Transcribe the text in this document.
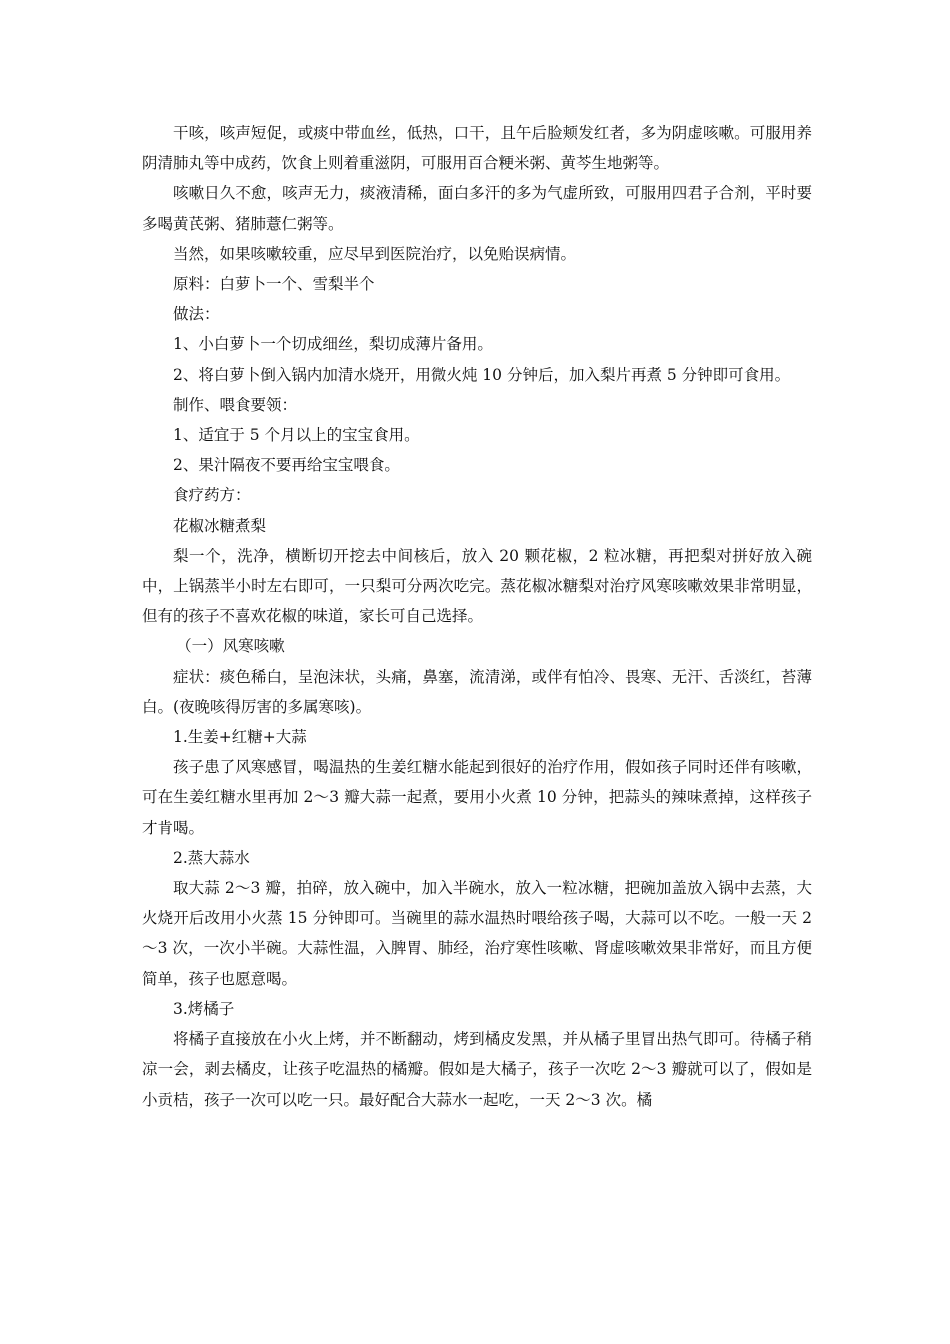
干咳，咳声短促，或痰中带血丝，低热，口干，且午后脸颊发红者，多为阴虚咳嗽。可服用养阴清肺丸等中成药，饮食上则着重滋阴，可服用百合粳米粥、黄芩生地粥等。

咳嗽日久不愈，咳声无力，痰液清稀，面白多汗的多为气虚所致，可服用四君子合剂，平时要多喝黄芪粥、猪肺薏仁粥等。

当然，如果咳嗽较重，应尽早到医院治疗，以免贻误病情。

原料：白萝卜一个、雪梨半个

做法：

1、小白萝卜一个切成细丝，梨切成薄片备用。

2、将白萝卜倒入锅内加清水烧开，用微火炖 10 分钟后，加入梨片再煮 5 分钟即可食用。

制作、喂食要领：

1、适宜于 5 个月以上的宝宝食用。

2、果汁隔夜不要再给宝宝喂食。

食疗药方：

花椒冰糖煮梨

梨一个，洗净，横断切开挖去中间核后，放入 20 颗花椒，2 粒冰糖，再把梨对拼好放入碗中，上锅蒸半小时左右即可，一只梨可分两次吃完。蒸花椒冰糖梨对治疗风寒咳嗽效果非常明显，但有的孩子不喜欢花椒的味道，家长可自己选择。

（一）风寒咳嗽

症状：痰色稀白，呈泡沫状，头痛，鼻塞，流清涕，或伴有怕冷、畏寒、无汗、舌淡红，苔薄白。(夜晚咳得厉害的多属寒咳)。

1.生姜+红糖+大蒜

孩子患了风寒感冒，喝温热的生姜红糖水能起到很好的治疗作用，假如孩子同时还伴有咳嗽，可在生姜红糖水里再加 2～3 瓣大蒜一起煮，要用小火煮 10 分钟，把蒜头的辣味煮掉，这样孩子才肯喝。

2.蒸大蒜水

取大蒜 2～3 瓣，拍碎，放入碗中，加入半碗水，放入一粒冰糖，把碗加盖放入锅中去蒸，大火烧开后改用小火蒸 15 分钟即可。当碗里的蒜水温热时喂给孩子喝，大蒜可以不吃。一般一天 2～3 次，一次小半碗。大蒜性温，入脾胃、肺经，治疗寒性咳嗽、肾虚咳嗽效果非常好，而且方便简单，孩子也愿意喝。

3.烤橘子

将橘子直接放在小火上烤，并不断翻动，烤到橘皮发黑，并从橘子里冒出热气即可。待橘子稍凉一会，剥去橘皮，让孩子吃温热的橘瓣。假如是大橘子，孩子一次吃 2～3 瓣就可以了，假如是小贡桔，孩子一次可以吃一只。最好配合大蒜水一起吃，一天 2～3 次。橘
